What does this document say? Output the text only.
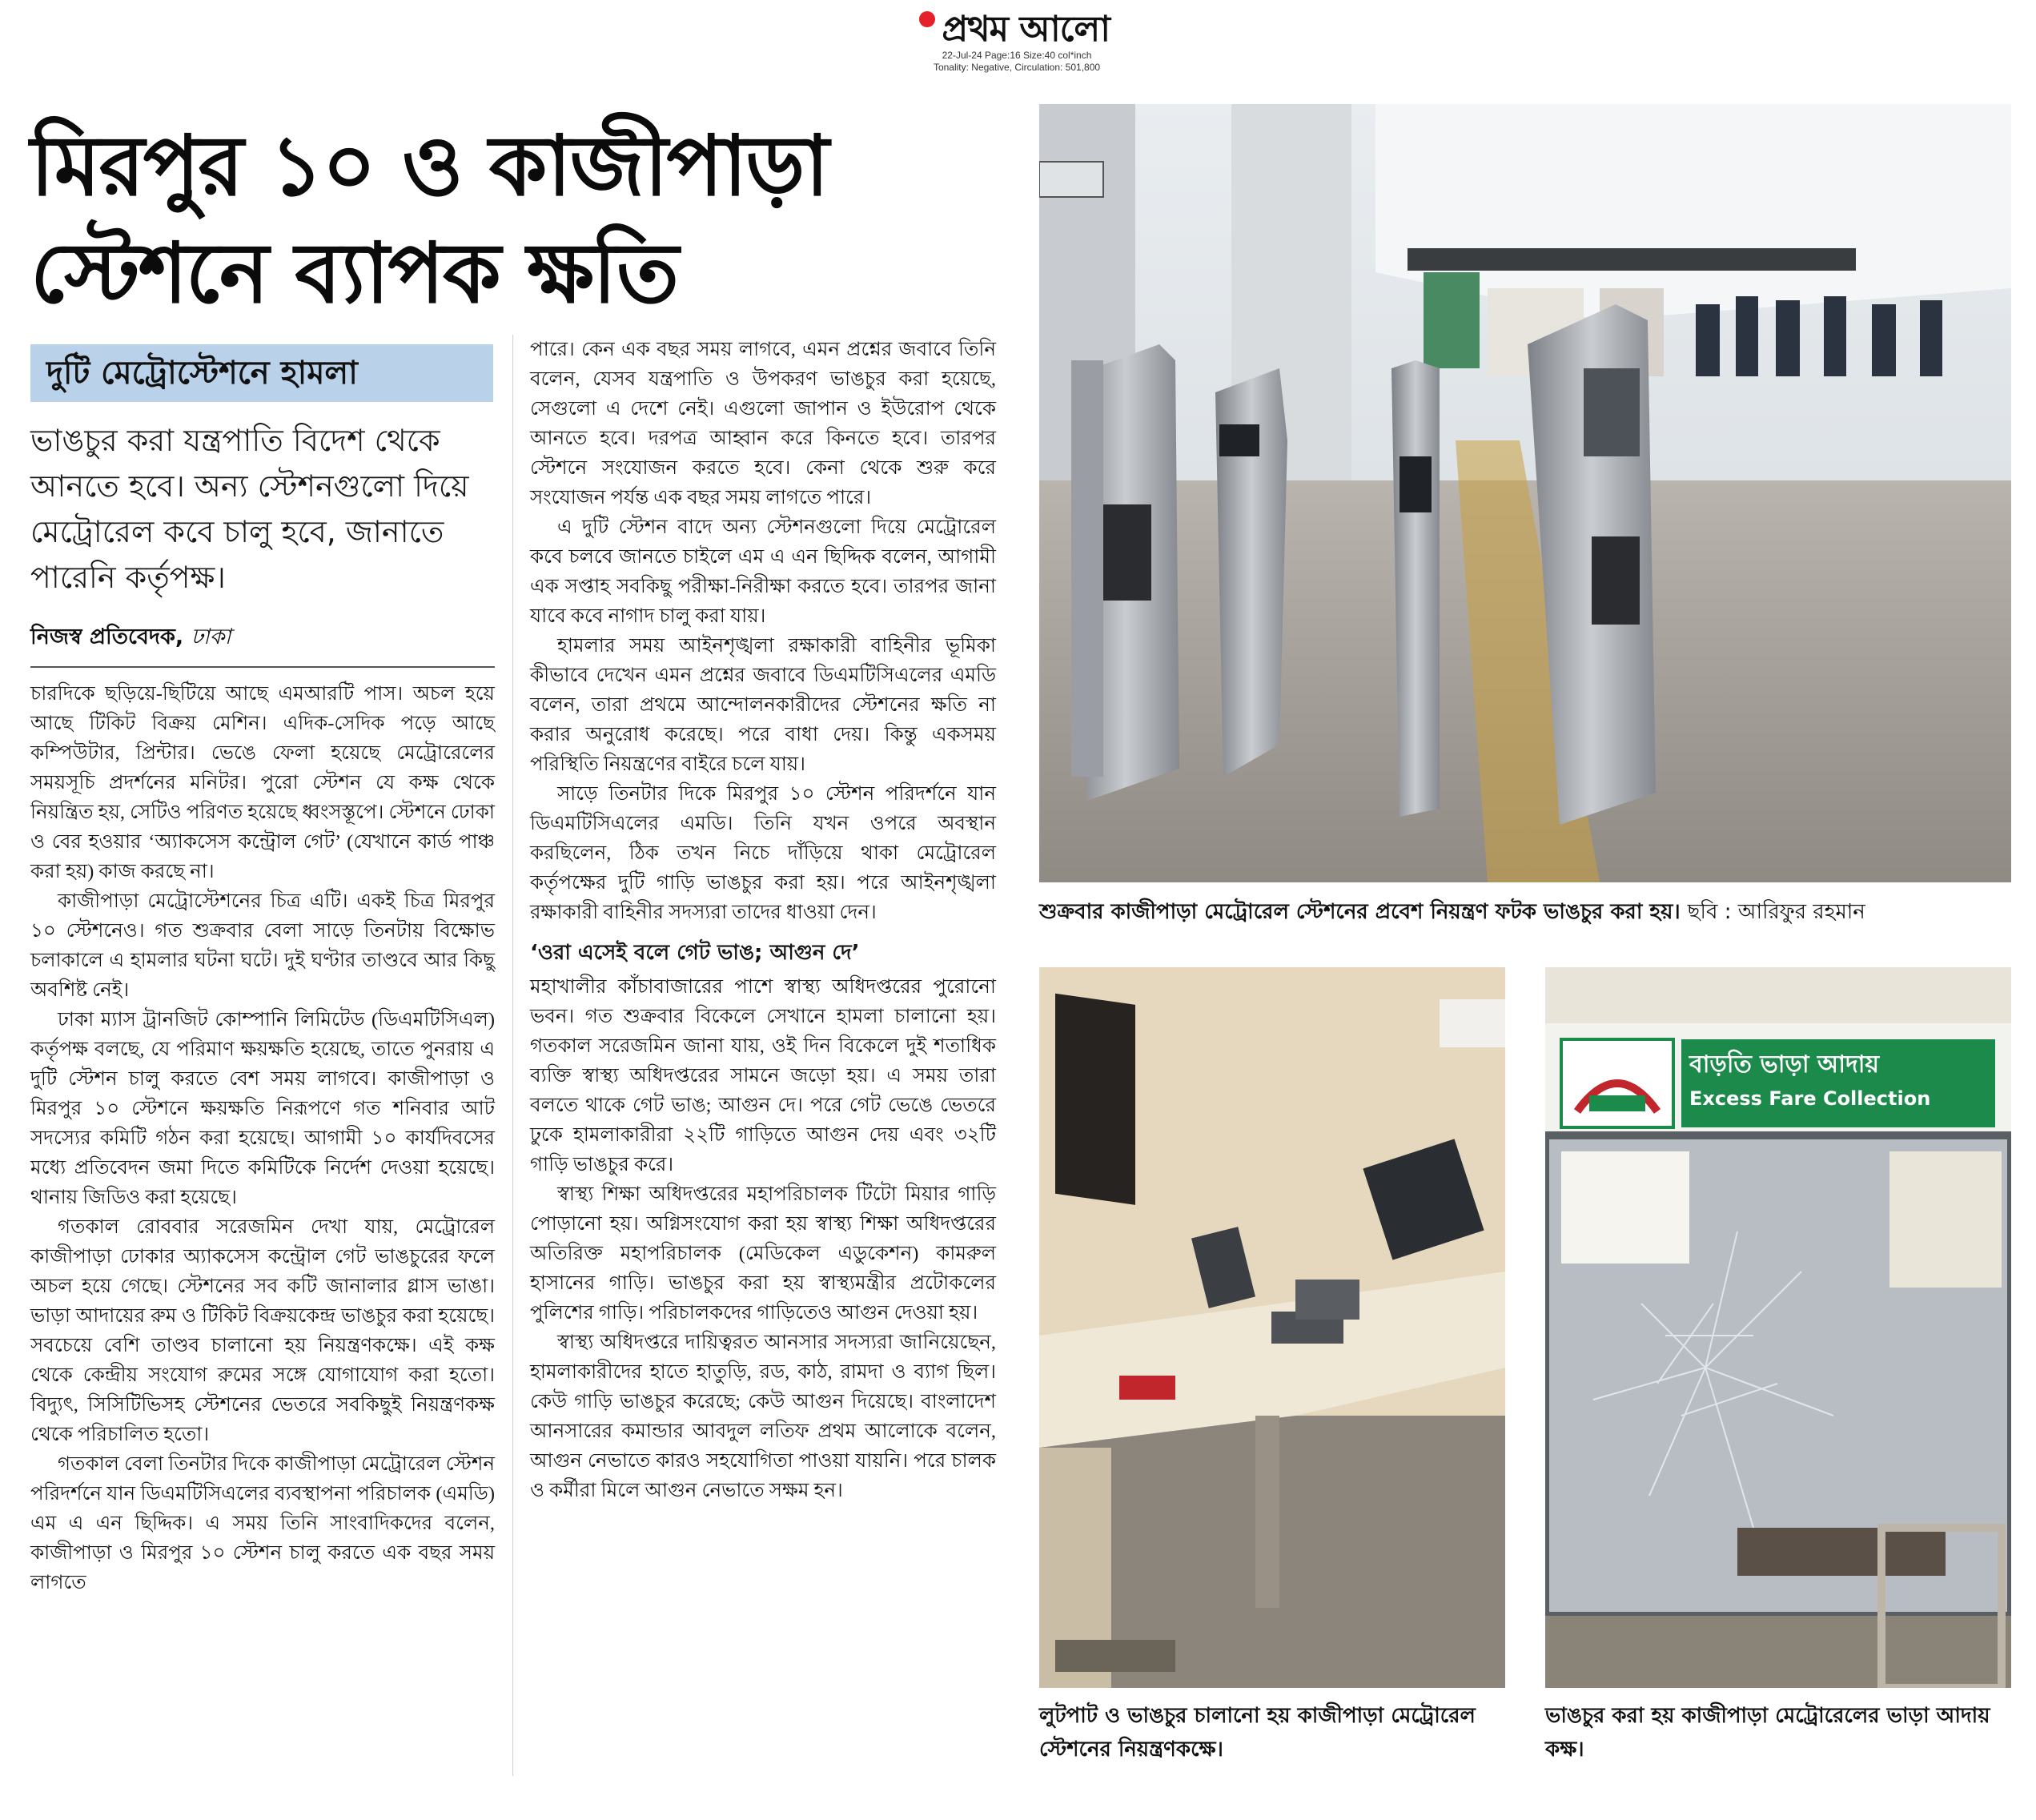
প্রথম আলো
22-Jul-24 Page:16 Size:40 col*inch
Tonality: Negative, Circulation: 501,800
মিরপুর ১০ ও কাজীপাড়া
স্টেশনে ব্যাপক ক্ষতি
দুটি মেট্রোস্টেশনে হামলা

ভাঙচুর করা যন্ত্রপাতি বিদেশ থেকে আনতে হবে। অন্য স্টেশনগুলো দিয়ে মেট্রোরেল কবে চালু হবে, জানাতে পারেনি কর্তৃপক্ষ।

নিজস্ব প্রতিবেদক, ঢাকা

চারদিকে ছড়িয়ে-ছিটিয়ে আছে এমআরটি পাস। অচল হয়ে আছে টিকিট বিক্রয় মেশিন। এদিক-সেদিক পড়ে আছে কম্পিউটার, প্রিন্টার। ভেঙে ফেলা হয়েছে মেট্রোরেলের সময়সূচি প্রদর্শনের মনিটর। পুরো স্টেশন যে কক্ষ থেকে নিয়ন্ত্রিত হয়, সেটিও পরিণত হয়েছে ধ্বংসস্তূপে। স্টেশনে ঢোকা ও বের হওয়ার ‘অ্যাকসেস কন্ট্রোল গেট’ (যেখানে কার্ড পাঞ্চ করা হয়) কাজ করছে না।

কাজীপাড়া মেট্রোস্টেশনের চিত্র এটি। একই চিত্র মিরপুর ১০ স্টেশনেও। গত শুক্রবার বেলা সাড়ে তিনটায় বিক্ষোভ চলাকালে এ হামলার ঘটনা ঘটে। দুই ঘণ্টার তাণ্ডবে আর কিছু অবশিষ্ট নেই।

ঢাকা ম্যাস ট্রানজিট কোম্পানি লিমিটেড (ডিএমটিসিএল) কর্তৃপক্ষ বলছে, যে পরিমাণ ক্ষয়ক্ষতি হয়েছে, তাতে পুনরায় এ দুটি স্টেশন চালু করতে বেশ সময় লাগবে। কাজীপাড়া ও মিরপুর ১০ স্টেশনে ক্ষয়ক্ষতি নিরূপণে গত শনিবার আট সদস্যের কমিটি গঠন করা হয়েছে। আগামী ১০ কার্যদিবসের মধ্যে প্রতিবেদন জমা দিতে কমিটিকে নির্দেশ দেওয়া হয়েছে। থানায় জিডিও করা হয়েছে।

গতকাল রোববার সরেজমিন দেখা যায়, মেট্রোরেল কাজীপাড়া ঢোকার অ্যাকসেস কন্ট্রোল গেট ভাঙচুরের ফলে অচল হয়ে গেছে। স্টেশনের সব কটি জানালার গ্লাস ভাঙা। ভাড়া আদায়ের রুম ও টিকিট বিক্রয়কেন্দ্র ভাঙচুর করা হয়েছে। সবচেয়ে বেশি তাণ্ডব চালানো হয় নিয়ন্ত্রণকক্ষে। এই কক্ষ থেকে কেন্দ্রীয় সংযোগ রুমের সঙ্গে যোগাযোগ করা হতো। বিদ্যুৎ, সিসিটিভিসহ স্টেশনের ভেতরে সবকিছুই নিয়ন্ত্রণকক্ষ থেকে পরিচালিত হতো।

গতকাল বেলা তিনটার দিকে কাজীপাড়া মেট্রোরেল স্টেশন পরিদর্শনে যান ডিএমটিসিএলের ব্যবস্থাপনা পরিচালক (এমডি) এম এ এন ছিদ্দিক। এ সময় তিনি সাংবাদিকদের বলেন, কাজীপাড়া ও মিরপুর ১০ স্টেশন চালু করতে এক বছর সময় লাগতে

পারে। কেন এক বছর সময় লাগবে, এমন প্রশ্নের জবাবে তিনি বলেন, যেসব যন্ত্রপাতি ও উপকরণ ভাঙচুর করা হয়েছে, সেগুলো এ দেশে নেই। এগুলো জাপান ও ইউরোপ থেকে আনতে হবে। দরপত্র আহ্বান করে কিনতে হবে। তারপর স্টেশনে সংযোজন করতে হবে। কেনা থেকে শুরু করে সংযোজন পর্যন্ত এক বছর সময় লাগতে পারে।

এ দুটি স্টেশন বাদে অন্য স্টেশনগুলো দিয়ে মেট্রোরেল কবে চলবে জানতে চাইলে এম এ এন ছিদ্দিক বলেন, আগামী এক সপ্তাহ সবকিছু পরীক্ষা-নিরীক্ষা করতে হবে। তারপর জানা যাবে কবে নাগাদ চালু করা যায়।

হামলার সময় আইনশৃঙ্খলা রক্ষাকারী বাহিনীর ভূমিকা কীভাবে দেখেন এমন প্রশ্নের জবাবে ডিএমটিসিএলের এমডি বলেন, তারা প্রথমে আন্দোলনকারীদের স্টেশনের ক্ষতি না করার অনুরোধ করেছে। পরে বাধা দেয়। কিন্তু একসময় পরিস্থিতি নিয়ন্ত্রণের বাইরে চলে যায়।

সাড়ে তিনটার দিকে মিরপুর ১০ স্টেশন পরিদর্শনে যান ডিএমটিসিএলের এমডি। তিনি যখন ওপরে অবস্থান করছিলেন, ঠিক তখন নিচে দাঁড়িয়ে থাকা মেট্রোরেল কর্তৃপক্ষের দুটি গাড়ি ভাঙচুর করা হয়। পরে আইনশৃঙ্খলা রক্ষাকারী বাহিনীর সদস্যরা তাদের ধাওয়া দেন।

‘ওরা এসেই বলে গেট ভাঙ; আগুন দে’

মহাখালীর কাঁচাবাজারের পাশে স্বাস্থ্য অধিদপ্তরের পুরোনো ভবন। গত শুক্রবার বিকেলে সেখানে হামলা চালানো হয়। গতকাল সরেজমিন জানা যায়, ওই দিন বিকেলে দুই শতাধিক ব্যক্তি স্বাস্থ্য অধিদপ্তরের সামনে জড়ো হয়। এ সময় তারা বলতে থাকে গেট ভাঙ; আগুন দে। পরে গেট ভেঙে ভেতরে ঢুকে হামলাকারীরা ২২টি গাড়িতে আগুন দেয় এবং ৩২টি গাড়ি ভাঙচুর করে।

স্বাস্থ্য শিক্ষা অধিদপ্তরের মহাপরিচালক টিটো মিয়ার গাড়ি পোড়ানো হয়। অগ্নিসংযোগ করা হয় স্বাস্থ্য শিক্ষা অধিদপ্তরের অতিরিক্ত মহাপরিচালক (মেডিকেল এডুকেশন) কামরুল হাসানের গাড়ি। ভাঙচুর করা হয় স্বাস্থ্যমন্ত্রীর প্রটোকলের পুলিশের গাড়ি। পরিচালকদের গাড়িতেও আগুন দেওয়া হয়।

স্বাস্থ্য অধিদপ্তরে দায়িত্বরত আনসার সদস্যরা জানিয়েছেন, হামলাকারীদের হাতে হাতুড়ি, রড, কাঠ, রামদা ও ব্যাগ ছিল। কেউ গাড়ি ভাঙচুর করেছে; কেউ আগুন দিয়েছে। বাংলাদেশ আনসারের কমান্ডার আবদুল লতিফ প্রথম আলোকে বলেন, আগুন নেভাতে কারও সহযোগিতা পাওয়া যায়নি। পরে চালক ও কর্মীরা মিলে আগুন নেভাতে সক্ষম হন।

শুক্রবার কাজীপাড়া মেট্রোরেল স্টেশনের প্রবেশ নিয়ন্ত্রণ ফটক ভাঙচুর করা হয়। ছবি : আরিফুর রহমান
লুটপাট ও ভাঙচুর চালানো হয় কাজীপাড়া মেট্রোরেল স্টেশনের নিয়ন্ত্রণকক্ষে।
বাড়তি ভাড়া আদায়
Excess Fare Collection
ভাঙচুর করা হয় কাজীপাড়া মেট্রোরেলের ভাড়া আদায় কক্ষ।
